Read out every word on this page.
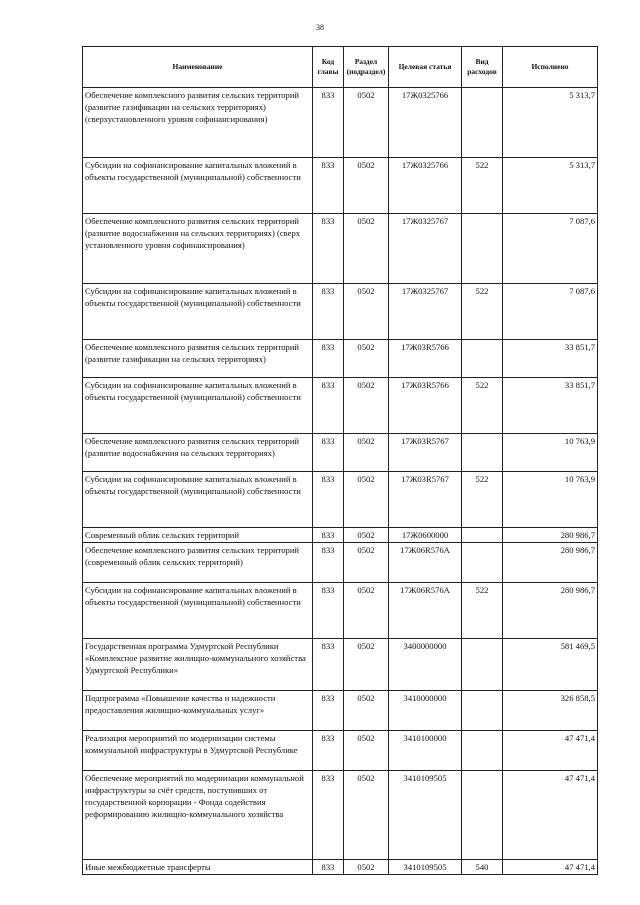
38
Наименование	Код главы	Раздел (подраздел)	Целевая статья	Вид расходов	Исполнено
Обеспечение комплексного развития сельских территорий (развитие газификации на сельских территориях) (сверхустановленного уровня софинансирования)	833	0502	17Ж0325766		5 313,7
Субсидии на софинансирование капитальных вложений в объекты государственной (муниципальной) собственности	833	0502	17Ж0325766	522	5 313,7
Обеспечение комплексного развития сельских территорий (развитие водоснабжения на сельских территориях) (сверх установленного уровня софинансирования)	833	0502	17Ж0325767		7 087,6
Субсидии на софинансирование капитальных вложений в объекты государственной (муниципальной) собственности	833	0502	17Ж0325767	522	7 087,6
Обеспечение комплексного развития сельских территорий (развитие газификации на сельских территориях)	833	0502	17Ж03R5766		33 851,7
Субсидии на софинансирование капитальных вложений в объекты государственной (муниципальной) собственности	833	0502	17Ж03R5766	522	33 851,7
Обеспечение комплексного развития сельских территорий (развитие водоснабжения на сельских территориях)	833	0502	17Ж03R5767		10 763,9
Субсидии на софинансирование капитальных вложений в объекты государственной (муниципальной) собственности	833	0502	17Ж03R5767	522	10 763,9
Современный облик сельских территорий	833	0502	17Ж0600000		280 986,7
Обеспечение комплексного развития сельских территорий (современный облик сельских территорий)	833	0502	17Ж06R576А		280 986,7
Субсидии на софинансирование капитальных вложений в объекты государственной (муниципальной) собственности	833	0502	17Ж06R576А	522	280 986,7
Государственная программа Удмуртской Республики «Комплексное развитие жилищно-коммунального хозяйства Удмуртской Республики»	833	0502	3400000000		581 469,5
Подпрограмма «Повышение качества и надежности предоставления жилищно-коммунальных услуг»	833	0502	3410000000		326 858,5
Реализация мероприятий по модернизации системы коммунальной инфраструктуры в Удмуртской Республике	833	0502	3410100000		47 471,4
Обеспечение мероприятий по модернизации коммунальной инфраструктуры за счёт средств, поступивших от государственной корпорации - Фонда содействия реформированию жилищно-коммунального хозяйства	833	0502	3410109505		47 471,4
Иные межбюджетные трансферты	833	0502	3410109505	540	47 471,4
